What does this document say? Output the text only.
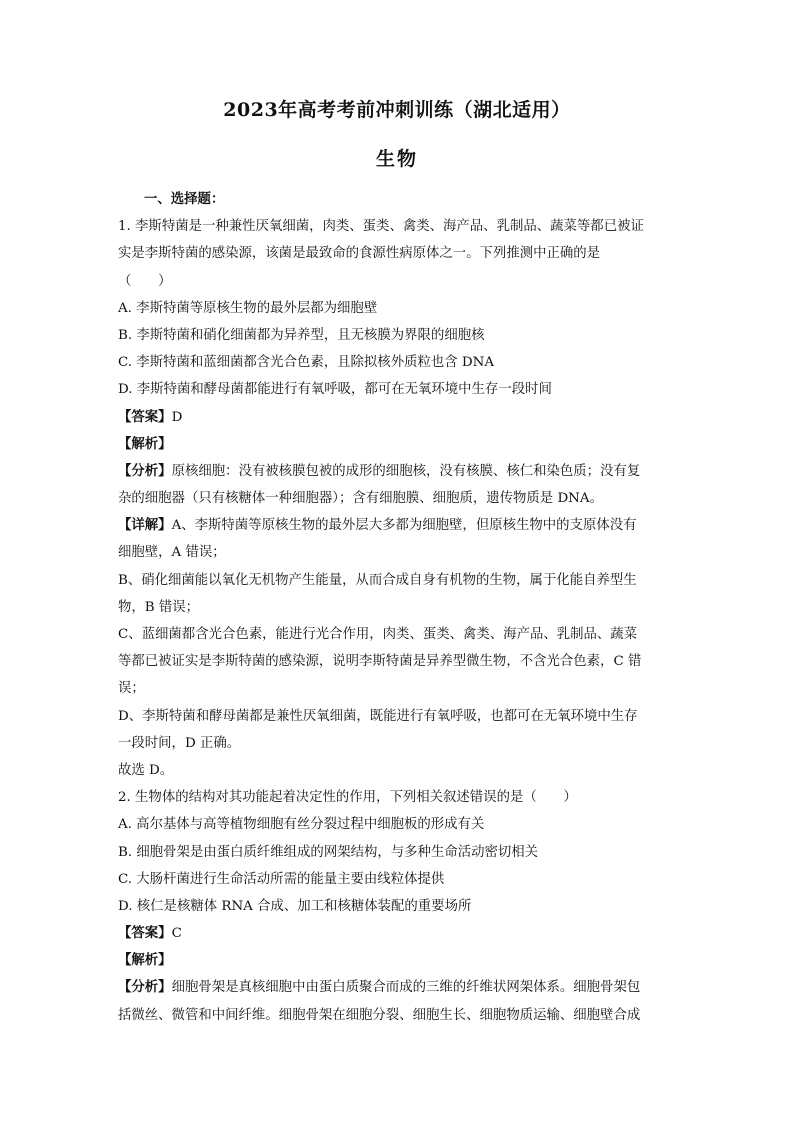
2023年高考考前冲刺训练（湖北适用）
生物
一、选择题：
1. 李斯特菌是一种兼性厌氧细菌，肉类、蛋类、禽类、海产品、乳制品、蔬菜等都已被证
实是李斯特菌的感染源，该菌是最致命的食源性病原体之一。下列推测中正确的是
（　　）
A. 李斯特菌等原核生物的最外层都为细胞壁
B. 李斯特菌和硝化细菌都为异养型，且无核膜为界限的细胞核
C. 李斯特菌和蓝细菌都含光合色素，且除拟核外质粒也含 DNA
D. 李斯特菌和酵母菌都能进行有氧呼吸，都可在无氧环境中生存一段时间
【答案】D
【解析】
【分析】原核细胞：没有被核膜包被的成形的细胞核，没有核膜、核仁和染色质；没有复
杂的细胞器（只有核糖体一种细胞器）；含有细胞膜、细胞质，遗传物质是 DNA。
【详解】A、李斯特菌等原核生物的最外层大多都为细胞壁，但原核生物中的支原体没有
细胞壁，A 错误；
B、硝化细菌能以氧化无机物产生能量，从而合成自身有机物的生物，属于化能自养型生
物，B 错误；
C、蓝细菌都含光合色素，能进行光合作用，肉类、蛋类、禽类、海产品、乳制品、蔬菜
等都已被证实是李斯特菌的感染源，说明李斯特菌是异养型微生物，不含光合色素，C 错
误；
D、李斯特菌和酵母菌都是兼性厌氧细菌，既能进行有氧呼吸，也都可在无氧环境中生存
一段时间，D 正确。
故选 D。
2. 生物体的结构对其功能起着决定性的作用，下列相关叙述错误的是（　　）
A. 高尔基体与高等植物细胞有丝分裂过程中细胞板的形成有关
B. 细胞骨架是由蛋白质纤维组成的网架结构，与多种生命活动密切相关
C. 大肠杆菌进行生命活动所需的能量主要由线粒体提供
D. 核仁是核糖体 RNA 合成、加工和核糖体装配的重要场所
【答案】C
【解析】
【分析】细胞骨架是真核细胞中由蛋白质聚合而成的三维的纤维状网架体系。细胞骨架包
括微丝、微管和中间纤维。细胞骨架在细胞分裂、细胞生长、细胞物质运输、细胞壁合成
